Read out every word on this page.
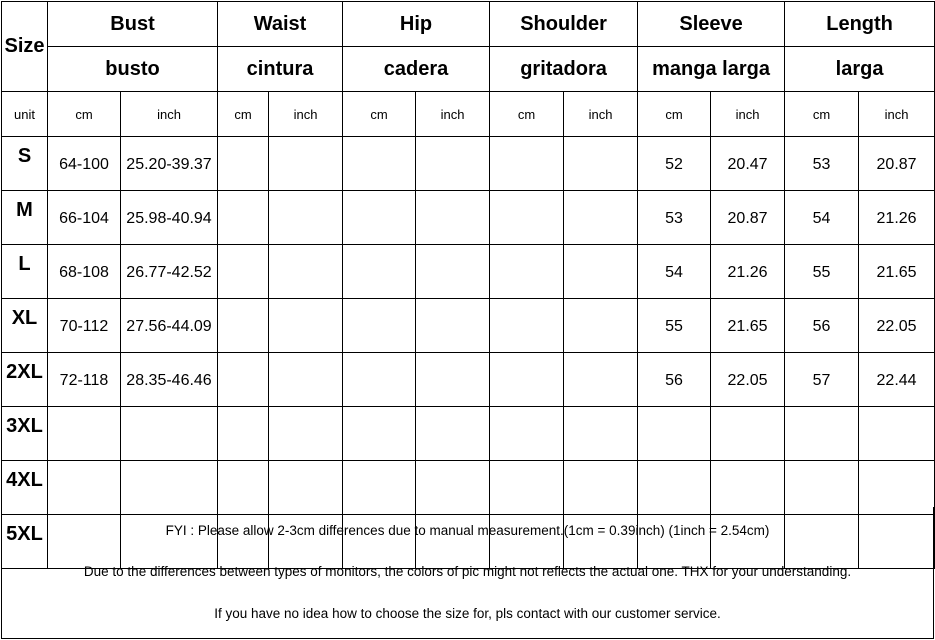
Size	Bust		Waist		Hip		Shoulder		Sleeve		Length	
	busto		cintura		cadera		gritadora		manga larga		larga	
unit	cm	inch	cm	inch	cm	inch	cm	inch	cm	inch	cm	inch
S	64-100	25.20-39.37							52	20.47	53	20.87
M	66-104	25.98-40.94							53	20.87	54	21.26
L	68-108	26.77-42.52							54	21.26	55	21.65
XL	70-112	27.56-44.09							55	21.65	56	22.05
2XL	72-118	28.35-46.46							56	22.05	57	22.44
3XL												
4XL												
5XL													FYI : Please allow 2-3cm differences due to manual measurement.(1cm = 0.39inch) (1inch = 2.54cm)
Due to the differences between types of monitors, the colors of pic might not reflects the actual one. THX for your understanding.
If you have no idea how to choose the size for, pls contact with our customer service.
